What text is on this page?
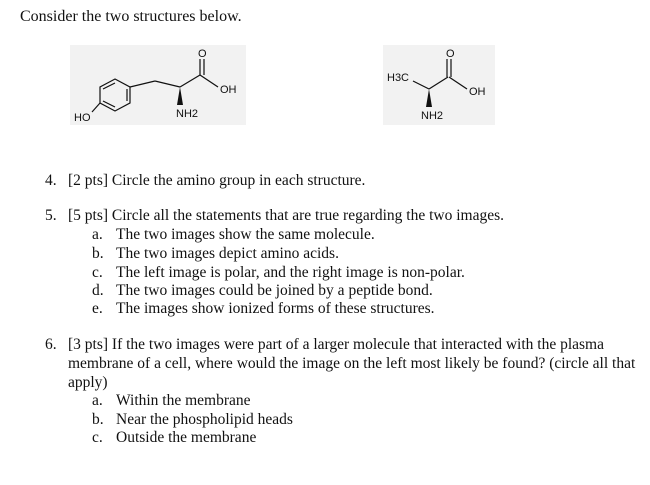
Consider the two structures below.
O
OH
NH2
HO
H3C
O
OH
NH2
4. [2 pts] Circle the amino group in each structure.
5. [5 pts] Circle all the statements that are true regarding the two images.
a. The two images show the same molecule.
b. The two images depict amino acids.
c. The left image is polar, and the right image is non-polar.
d. The two images could be joined by a peptide bond.
e. The images show ionized forms of these structures.
6. [3 pts] If the two images were part of a larger molecule that interacted with the plasma membrane of a cell, where would the image on the left most likely be found? (circle all that apply)
a. Within the membrane
b. Near the phospholipid heads
c. Outside the membrane
